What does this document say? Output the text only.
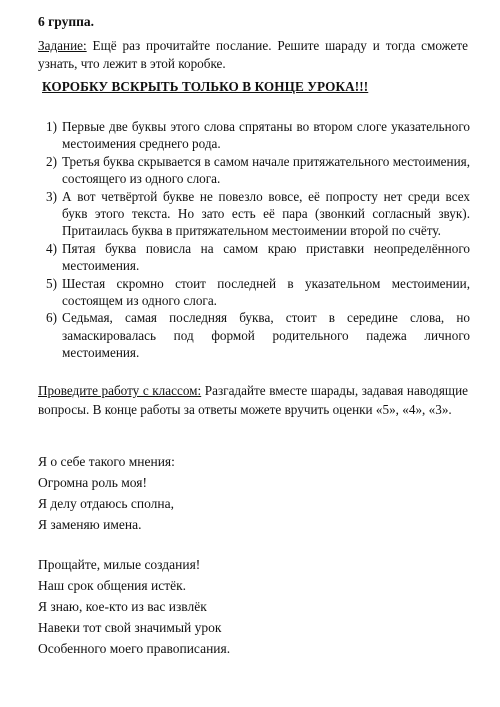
6 группа.
Задание: Ещё раз прочитайте послание. Решите шараду и тогда сможете узнать, что лежит в этой коробке.
КОРОБКУ ВСКРЫТЬ ТОЛЬКО В КОНЦЕ УРОКА!!!
1) Первые две буквы этого слова спрятаны во втором слоге указательного местоимения среднего рода.
2) Третья буква скрывается в самом начале притяжательного местоимения, состоящего из одного слога.
3) А вот четвёртой букве не повезло вовсе, её попросту нет среди всех букв этого текста. Но зато есть её пара (звонкий согласный звук). Притаилась буква в притяжательном местоимении второй по счёту.
4) Пятая буква повисла на самом краю приставки неопределённого местоимения.
5) Шестая скромно стоит последней в указательном местоимении, состоящем из одного слога.
6) Седьмая, самая последняя буква, стоит в середине слова, но замаскировалась под формой родительного падежа личного местоимения.
Проведите работу с классом: Разгадайте вместе шарады, задавая наводящие вопросы. В конце работы за ответы можете вручить оценки «5», «4», «3».
Я о себе такого мнения:
Огромна роль моя!
Я делу отдаюсь сполна,
Я заменяю имена.
Прощайте, милые создания!
Наш срок общения истёк.
Я знаю, кое-кто из вас извлёк
Навеки тот свой значимый урок
Особенного моего правописания.
